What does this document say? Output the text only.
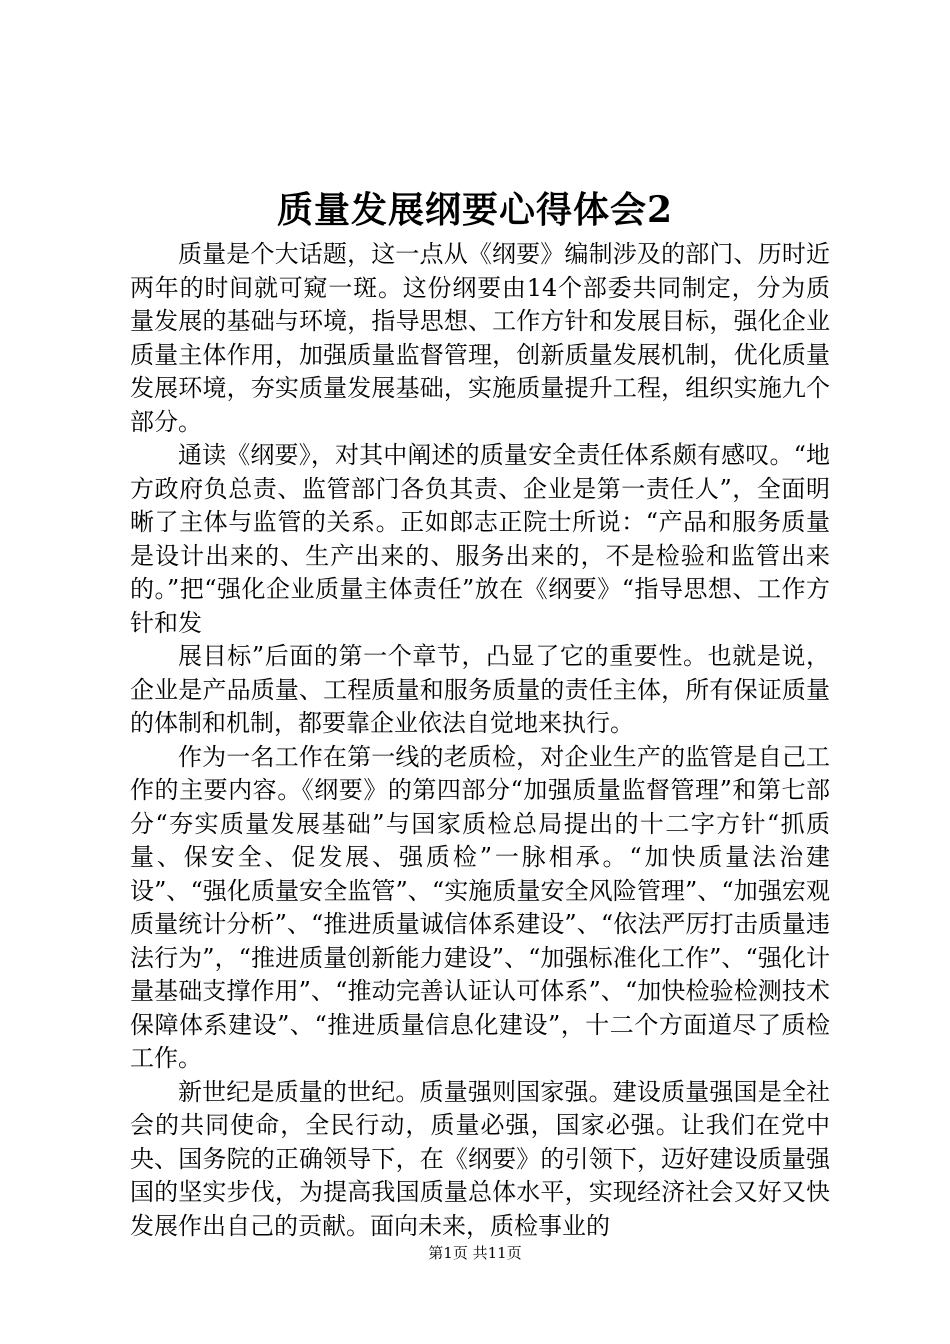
质量发展纲要心得体会2

质量是个大话题，这一点从《纲要》编制涉及的部门、历时近两年的时间就可窥一斑。这份纲要由14个部委共同制定，分为质量发展的基础与环境，指导思想、工作方针和发展目标，强化企业质量主体作用，加强质量监督管理，创新质量发展机制，优化质量发展环境，夯实质量发展基础，实施质量提升工程，组织实施九个部分。

通读《纲要》，对其中阐述的质量安全责任体系颇有感叹。“地方政府负总责、监管部门各负其责、企业是第一责任人”，全面明晰了主体与监管的关系。正如郎志正院士所说：“产品和服务质量是设计出来的、生产出来的、服务出来的，不是检验和监管出来的。”把“强化企业质量主体责任”放在《纲要》“指导思想、工作方针和发

展目标”后面的第一个章节，凸显了它的重要性。也就是说，企业是产品质量、工程质量和服务质量的责任主体，所有保证质量的体制和机制，都要靠企业依法自觉地来执行。

作为一名工作在第一线的老质检，对企业生产的监管是自己工作的主要内容。《纲要》的第四部分“加强质量监督管理”和第七部分“夯实质量发展基础”与国家质检总局提出的十二字方针“抓质量、保安全、促发展、强质检”一脉相承。“加快质量法治建设”、“强化质量安全监管”、“实施质量安全风险管理”、“加强宏观质量统计分析”、“推进质量诚信体系建设”、“依法严厉打击质量违法行为”，“推进质量创新能力建设”、“加强标准化工作”、“强化计量基础支撑作用”、“推动完善认证认可体系”、“加快检验检测技术保障体系建设”、“推进质量信息化建设”，十二个方面道尽了质检工作。

新世纪是质量的世纪。质量强则国家强。建设质量强国是全社会的共同使命，全民行动，质量必强，国家必强。让我们在党中央、国务院的正确领导下，在《纲要》的引领下，迈好建设质量强国的坚实步伐，为提高我国质量总体水平，实现经济社会又好又快发展作出自己的贡献。面向未来，质检事业的

第1页 共11页
